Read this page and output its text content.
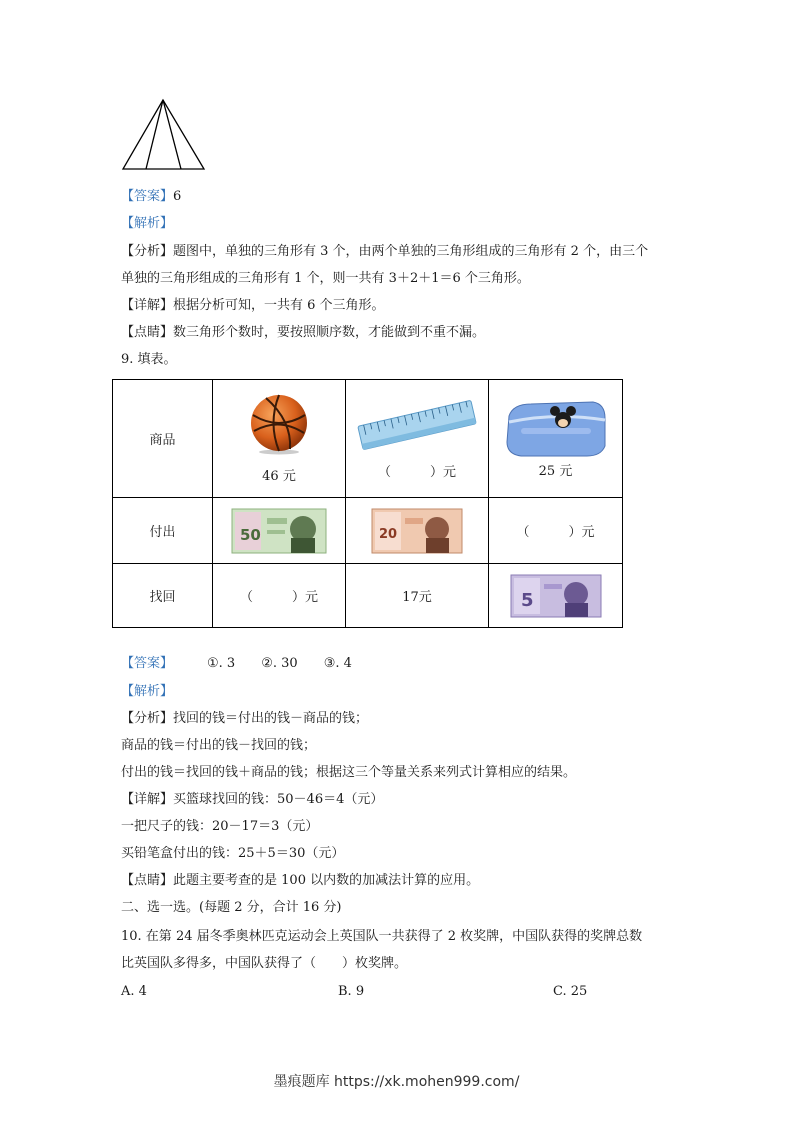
【答案】6
【解析】
【分析】题图中，单独的三角形有 3 个，由两个单独的三角形组成的三角形有 2 个，由三个
单独的三角形组成的三角形有 1 个，则一共有 3＋2＋1＝6 个三角形。
【详解】根据分析可知，一共有 6 个三角形。
【点睛】数三角形个数时，要按照顺序数，才能做到不重不漏。
9. 填表。
商品	46 元	（　　　）元	25 元

付出	50	20	（　　　）元
找回	（　　　）元	17元	5
【答案】	①. 3 ②. 30 ③. 4
【解析】
【分析】找回的钱＝付出的钱－商品的钱；
商品的钱＝付出的钱－找回的钱；
付出的钱＝找回的钱＋商品的钱；根据这三个等量关系来列式计算相应的结果。
【详解】买篮球找回的钱：50－46＝4（元）
一把尺子的钱：20－17＝3（元）
买铅笔盒付出的钱：25＋5＝30（元）
【点睛】此题主要考查的是 100 以内数的加减法计算的应用。
二、选一选。(每题 2 分，合计 16 分)
10. 在第 24 届冬季奥林匹克运动会上英国队一共获得了 2 枚奖牌，中国队获得的奖牌总数
比英国队多得多，中国队获得了（　　）枚奖牌。
A. 4	B. 9	C. 25
墨痕题库 https://xk.mohen999.com/
